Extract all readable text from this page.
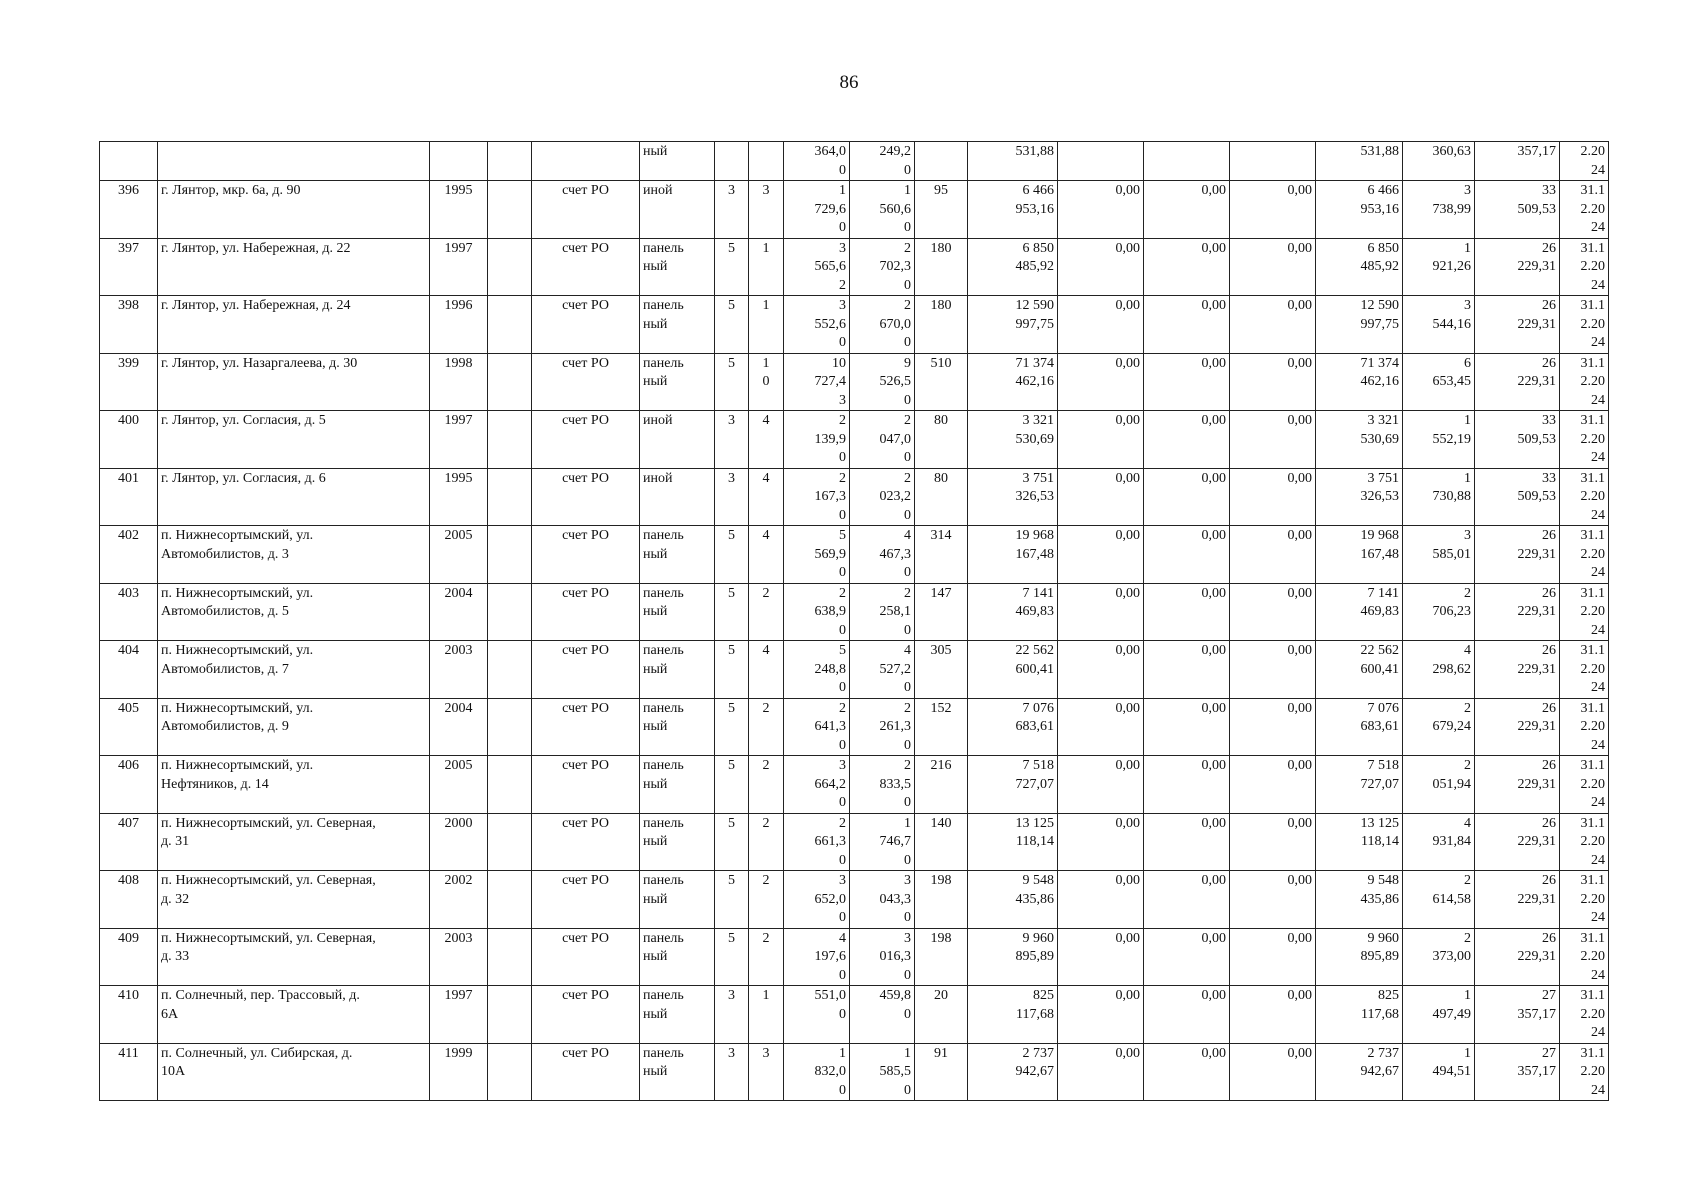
86
					ный			364,0
0	249,2
0		531,88				531,88	360,63	357,17	2.20
24
396	г. Лянтор, мкр. 6а, д. 90	1995		счет РО	иной	3	3	1
729,6
0	1
560,6
0	95	6 466
953,16	0,00	0,00	0,00	6 466
953,16	3
738,99	33
509,53	31.1
2.20
24
397	г. Лянтор, ул. Набережная, д. 22	1997		счет РО	панель
ный	5	1	3
565,6
2	2
702,3
0	180	6 850
485,92	0,00	0,00	0,00	6 850
485,92	1
921,26	26
229,31	31.1
2.20
24
398	г. Лянтор, ул. Набережная, д. 24	1996		счет РО	панель
ный	5	1	3
552,6
0	2
670,0
0	180	12 590
997,75	0,00	0,00	0,00	12 590
997,75	3
544,16	26
229,31	31.1
2.20
24
399	г. Лянтор, ул. Назаргалеева, д. 30	1998		счет РО	панель
ный	5	1
0	10
727,4
3	9
526,5
0	510	71 374
462,16	0,00	0,00	0,00	71 374
462,16	6
653,45	26
229,31	31.1
2.20
24
400	г. Лянтор, ул. Согласия, д. 5	1997		счет РО	иной	3	4	2
139,9
0	2
047,0
0	80	3 321
530,69	0,00	0,00	0,00	3 321
530,69	1
552,19	33
509,53	31.1
2.20
24
401	г. Лянтор, ул. Согласия, д. 6	1995		счет РО	иной	3	4	2
167,3
0	2
023,2
0	80	3 751
326,53	0,00	0,00	0,00	3 751
326,53	1
730,88	33
509,53	31.1
2.20
24
402	п. Нижнесортымский, ул.
Автомобилистов, д. 3	2005		счет РО	панель
ный	5	4	5
569,9
0	4
467,3
0	314	19 968
167,48	0,00	0,00	0,00	19 968
167,48	3
585,01	26
229,31	31.1
2.20
24
403	п. Нижнесортымский, ул.
Автомобилистов, д. 5	2004		счет РО	панель
ный	5	2	2
638,9
0	2
258,1
0	147	7 141
469,83	0,00	0,00	0,00	7 141
469,83	2
706,23	26
229,31	31.1
2.20
24
404	п. Нижнесортымский, ул.
Автомобилистов, д. 7	2003		счет РО	панель
ный	5	4	5
248,8
0	4
527,2
0	305	22 562
600,41	0,00	0,00	0,00	22 562
600,41	4
298,62	26
229,31	31.1
2.20
24
405	п. Нижнесортымский, ул.
Автомобилистов, д. 9	2004		счет РО	панель
ный	5	2	2
641,3
0	2
261,3
0	152	7 076
683,61	0,00	0,00	0,00	7 076
683,61	2
679,24	26
229,31	31.1
2.20
24
406	п. Нижнесортымский, ул.
Нефтяников, д. 14	2005		счет РО	панель
ный	5	2	3
664,2
0	2
833,5
0	216	7 518
727,07	0,00	0,00	0,00	7 518
727,07	2
051,94	26
229,31	31.1
2.20
24
407	п. Нижнесортымский, ул. Северная,
д. 31	2000		счет РО	панель
ный	5	2	2
661,3
0	1
746,7
0	140	13 125
118,14	0,00	0,00	0,00	13 125
118,14	4
931,84	26
229,31	31.1
2.20
24
408	п. Нижнесортымский, ул. Северная,
д. 32	2002		счет РО	панель
ный	5	2	3
652,0
0	3
043,3
0	198	9 548
435,86	0,00	0,00	0,00	9 548
435,86	2
614,58	26
229,31	31.1
2.20
24
409	п. Нижнесортымский, ул. Северная,
д. 33	2003		счет РО	панель
ный	5	2	4
197,6
0	3
016,3
0	198	9 960
895,89	0,00	0,00	0,00	9 960
895,89	2
373,00	26
229,31	31.1
2.20
24
410	п. Солнечный, пер. Трассовый, д.
6А	1997		счет РО	панель
ный	3	1	551,0
0	459,8
0	20	825
117,68	0,00	0,00	0,00	825
117,68	1
497,49	27
357,17	31.1
2.20
24
411	п. Солнечный, ул. Сибирская, д.
10А	1999		счет РО	панель
ный	3	3	1
832,0
0	1
585,5
0	91	2 737
942,67	0,00	0,00	0,00	2 737
942,67	1
494,51	27
357,17	31.1
2.20
24
